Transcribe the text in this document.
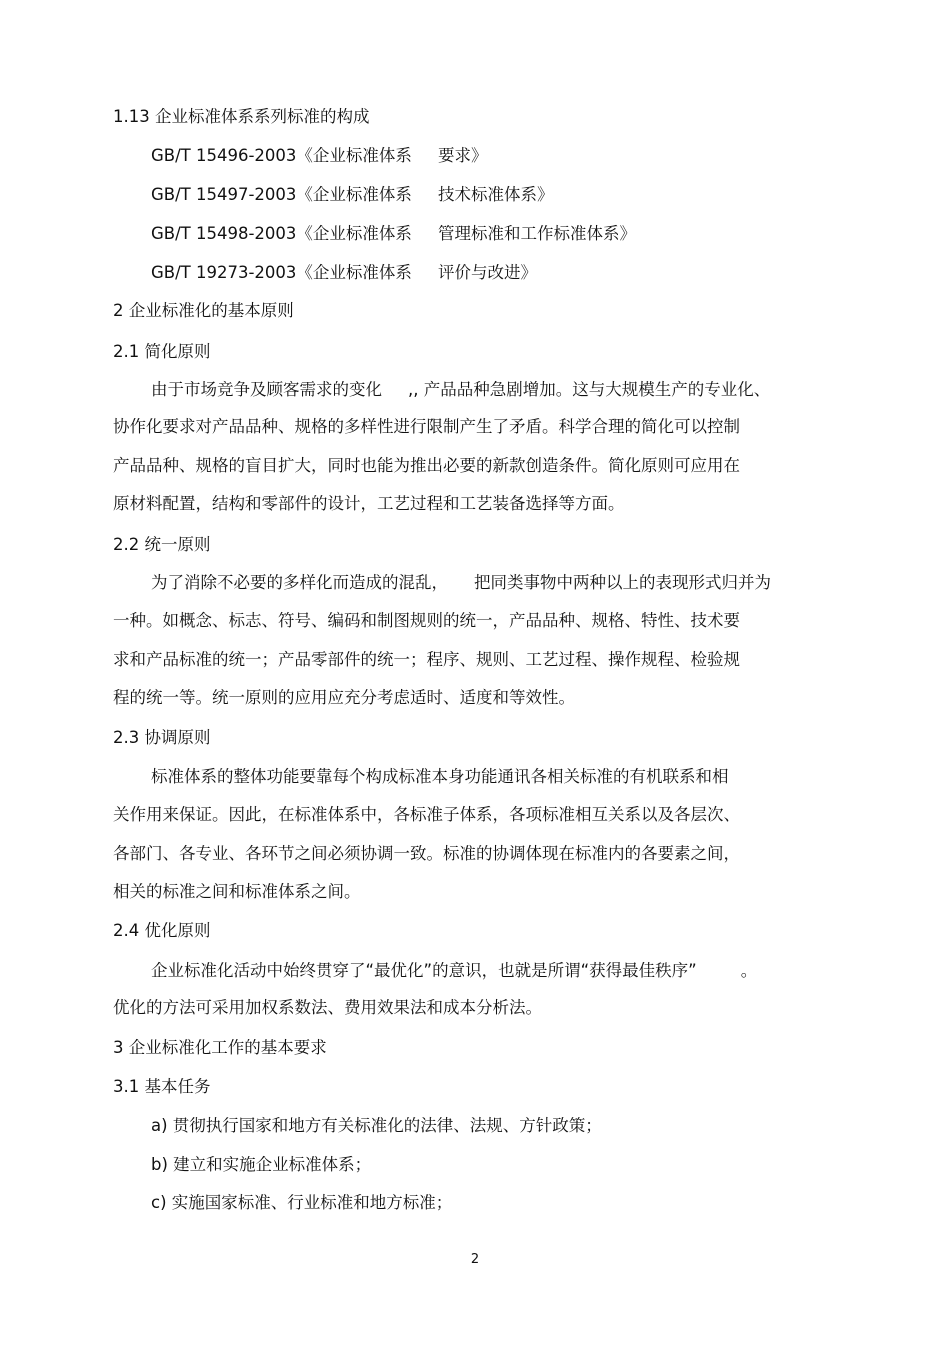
1.13 企业标准体系系列标准的构成
GB/T 15496-2003《企业标准体系 要求》
GB/T 15497-2003《企业标准体系 技术标准体系》
GB/T 15498-2003《企业标准体系 管理标准和工作标准体系》
GB/T 19273-2003《企业标准体系 评价与改进》
2 企业标准化的基本原则
2.1 简化原则
由于市场竞争及顾客需求的变化 ,, 产品品种急剧增加。这与大规模生产的专业化、
协作化要求对产品品种、规格的多样性进行限制产生了矛盾。科学合理的简化可以控制
产品品种、规格的盲目扩大，同时也能为推出必要的新款创造条件。简化原则可应用在
原材料配置，结构和零部件的设计，工艺过程和工艺装备选择等方面。
2.2 统一原则
为了消除不必要的多样化而造成的混乱， 把同类事物中两种以上的表现形式归并为
一种。如概念、标志、符号、编码和制图规则的统一，产品品种、规格、特性、技术要
求和产品标准的统一；产品零部件的统一；程序、规则、工艺过程、操作规程、检验规
程的统一等。统一原则的应用应充分考虑适时、适度和等效性。
2.3 协调原则
标准体系的整体功能要靠每个构成标准本身功能通讯各相关标准的有机联系和相
关作用来保证。因此，在标准体系中，各标准子体系，各项标准相互关系以及各层次、
各部门、各专业、各环节之间必须协调一致。标准的协调体现在标准内的各要素之间，
相关的标准之间和标准体系之间。
2.4 优化原则
企业标准化活动中始终贯穿了“最优化”的意识，也就是所谓“获得最佳秩序”	。
优化的方法可采用加权系数法、费用效果法和成本分析法。
3 企业标准化工作的基本要求
3.1 基本任务
a) 贯彻执行国家和地方有关标准化的法律、法规、方针政策；
b) 建立和实施企业标准体系；
c) 实施国家标准、行业标准和地方标准；
2
